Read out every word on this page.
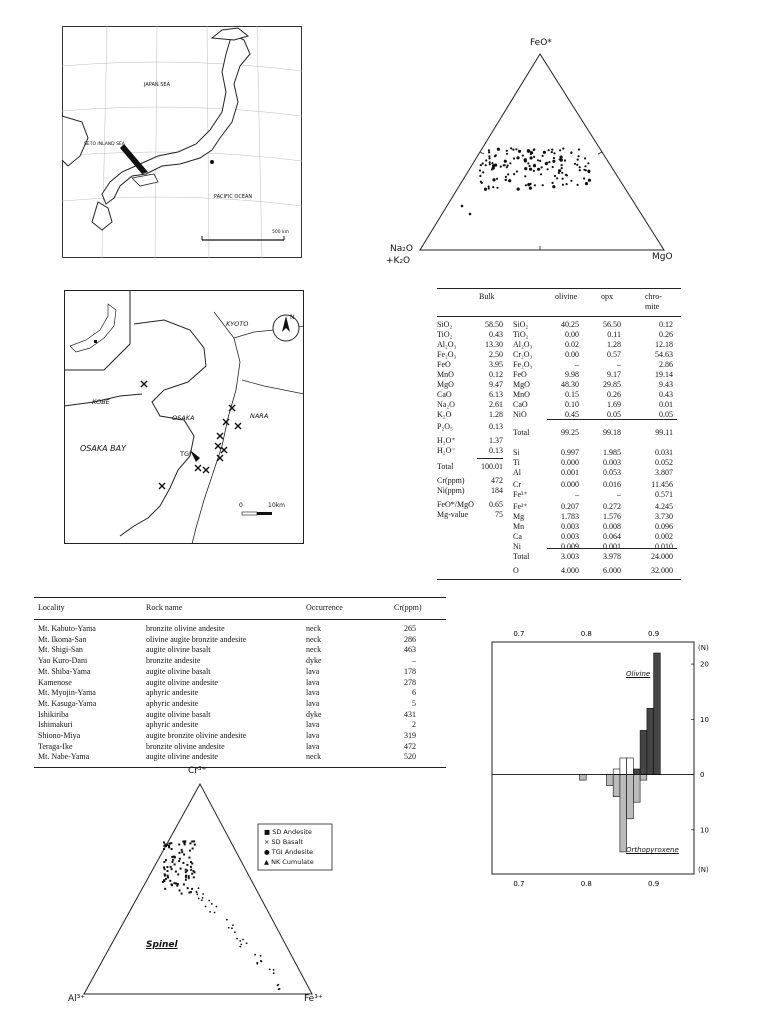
JAPAN SEA
SETO INLAND SEA
PACIFIC OCEAN
500 km
FeO*
Na₂O
+K₂O	MgO
KYOTO
KOBE
OSAKA	NARA
OSAKA BAY
TGI
0	10km
N
Bulk	olivine	opx	chro-
mite
SiO₂	58.50
TiO₂	0.43
Al₂O₃	13.30
Fe₂O₃	2.50
FeO	3.95
MnO	0.12
MgO	9.47
CaO	6.13
Na₂O	2.61
K₂O	1.28
P₂O₅	0.13
H₂O⁺	1.37
H₂O⁻	0.13
Total	100.01
Cr(ppm)	472
Ni(ppm)	184
FeO*/MgO	0.65
Mg-value	75
SiO₂	40.25	56.50	0.12
TiO₂	0.00	0.11	0.26
Al₂O₃	0.02	1.28	12.18
Cr₂O₃	0.00	0.57	54.63
Fe₂O₃	–	–	2.86
FeO	9.98	9.17	19.14
MgO	48.30	29.85	9.43
MnO	0.15	0.26	0.43
CaO	0.10	1.69	0.01
NiO	0.45	0.05	0.05
Total	99.25	99.18	99.11
Si	0.997	1.985	0.031
Ti	0.000	0.003	0.052
Al	0.001	0.053	3.807
Cr	0.000	0.016	11.456
Fe³⁺	–	–	0.571
Fe²⁺	0.207	0.272	4.245
Mg	1.783	1.576	3.730
Mn	0.003	0.008	0.096
Ca	0.003	0.064	0.002
Ni	0.009	0.001	0.010
Total	3.003	3.978	24.000
O	4.000	6.000	32.000
Locality	Rock name	Occurrence	Cr(ppm)
Mt. Kabuto-Yama	bronzite olivine andesite	neck	265
Mt. Ikoma-San	olivine augite bronzite andesite	neck	286
Mt. Shigi-San	augite olivine basalt	neck	463
Yao Kuro-Dani	bronzite andesite	dyke	–
Mt. Shiba-Yama	augite olivine basalt	lava	178
Kamenose	augite olivine andesite	lava	278
Mt. Myojin-Yama	aphyric andesite	lava	6
Mt. Kasuga-Yama	aphyric andesite	lava	5
Ishikiriba	augite olivine basalt	dyke	431
Ishimakuri	aphyric andesite	lava	2
Shiono-Miya	augite bronzite olivine andesite	lava	319
Teraga-Ike	bronzite olivine andesite	lava	472
Mt. Nabe-Yama	augite olivine andesite	neck	520
Cr³⁺
Al³⁺	Fe³⁺
Spinel
■ SD Andesite
× SD Basalt
● TGI Andesite
▲ NK Cumulate
0.7
0.7
0.8
0.8
0.9
0.9
20
10
0
10
Olivine
Orthopyroxene
(N)
(N)
